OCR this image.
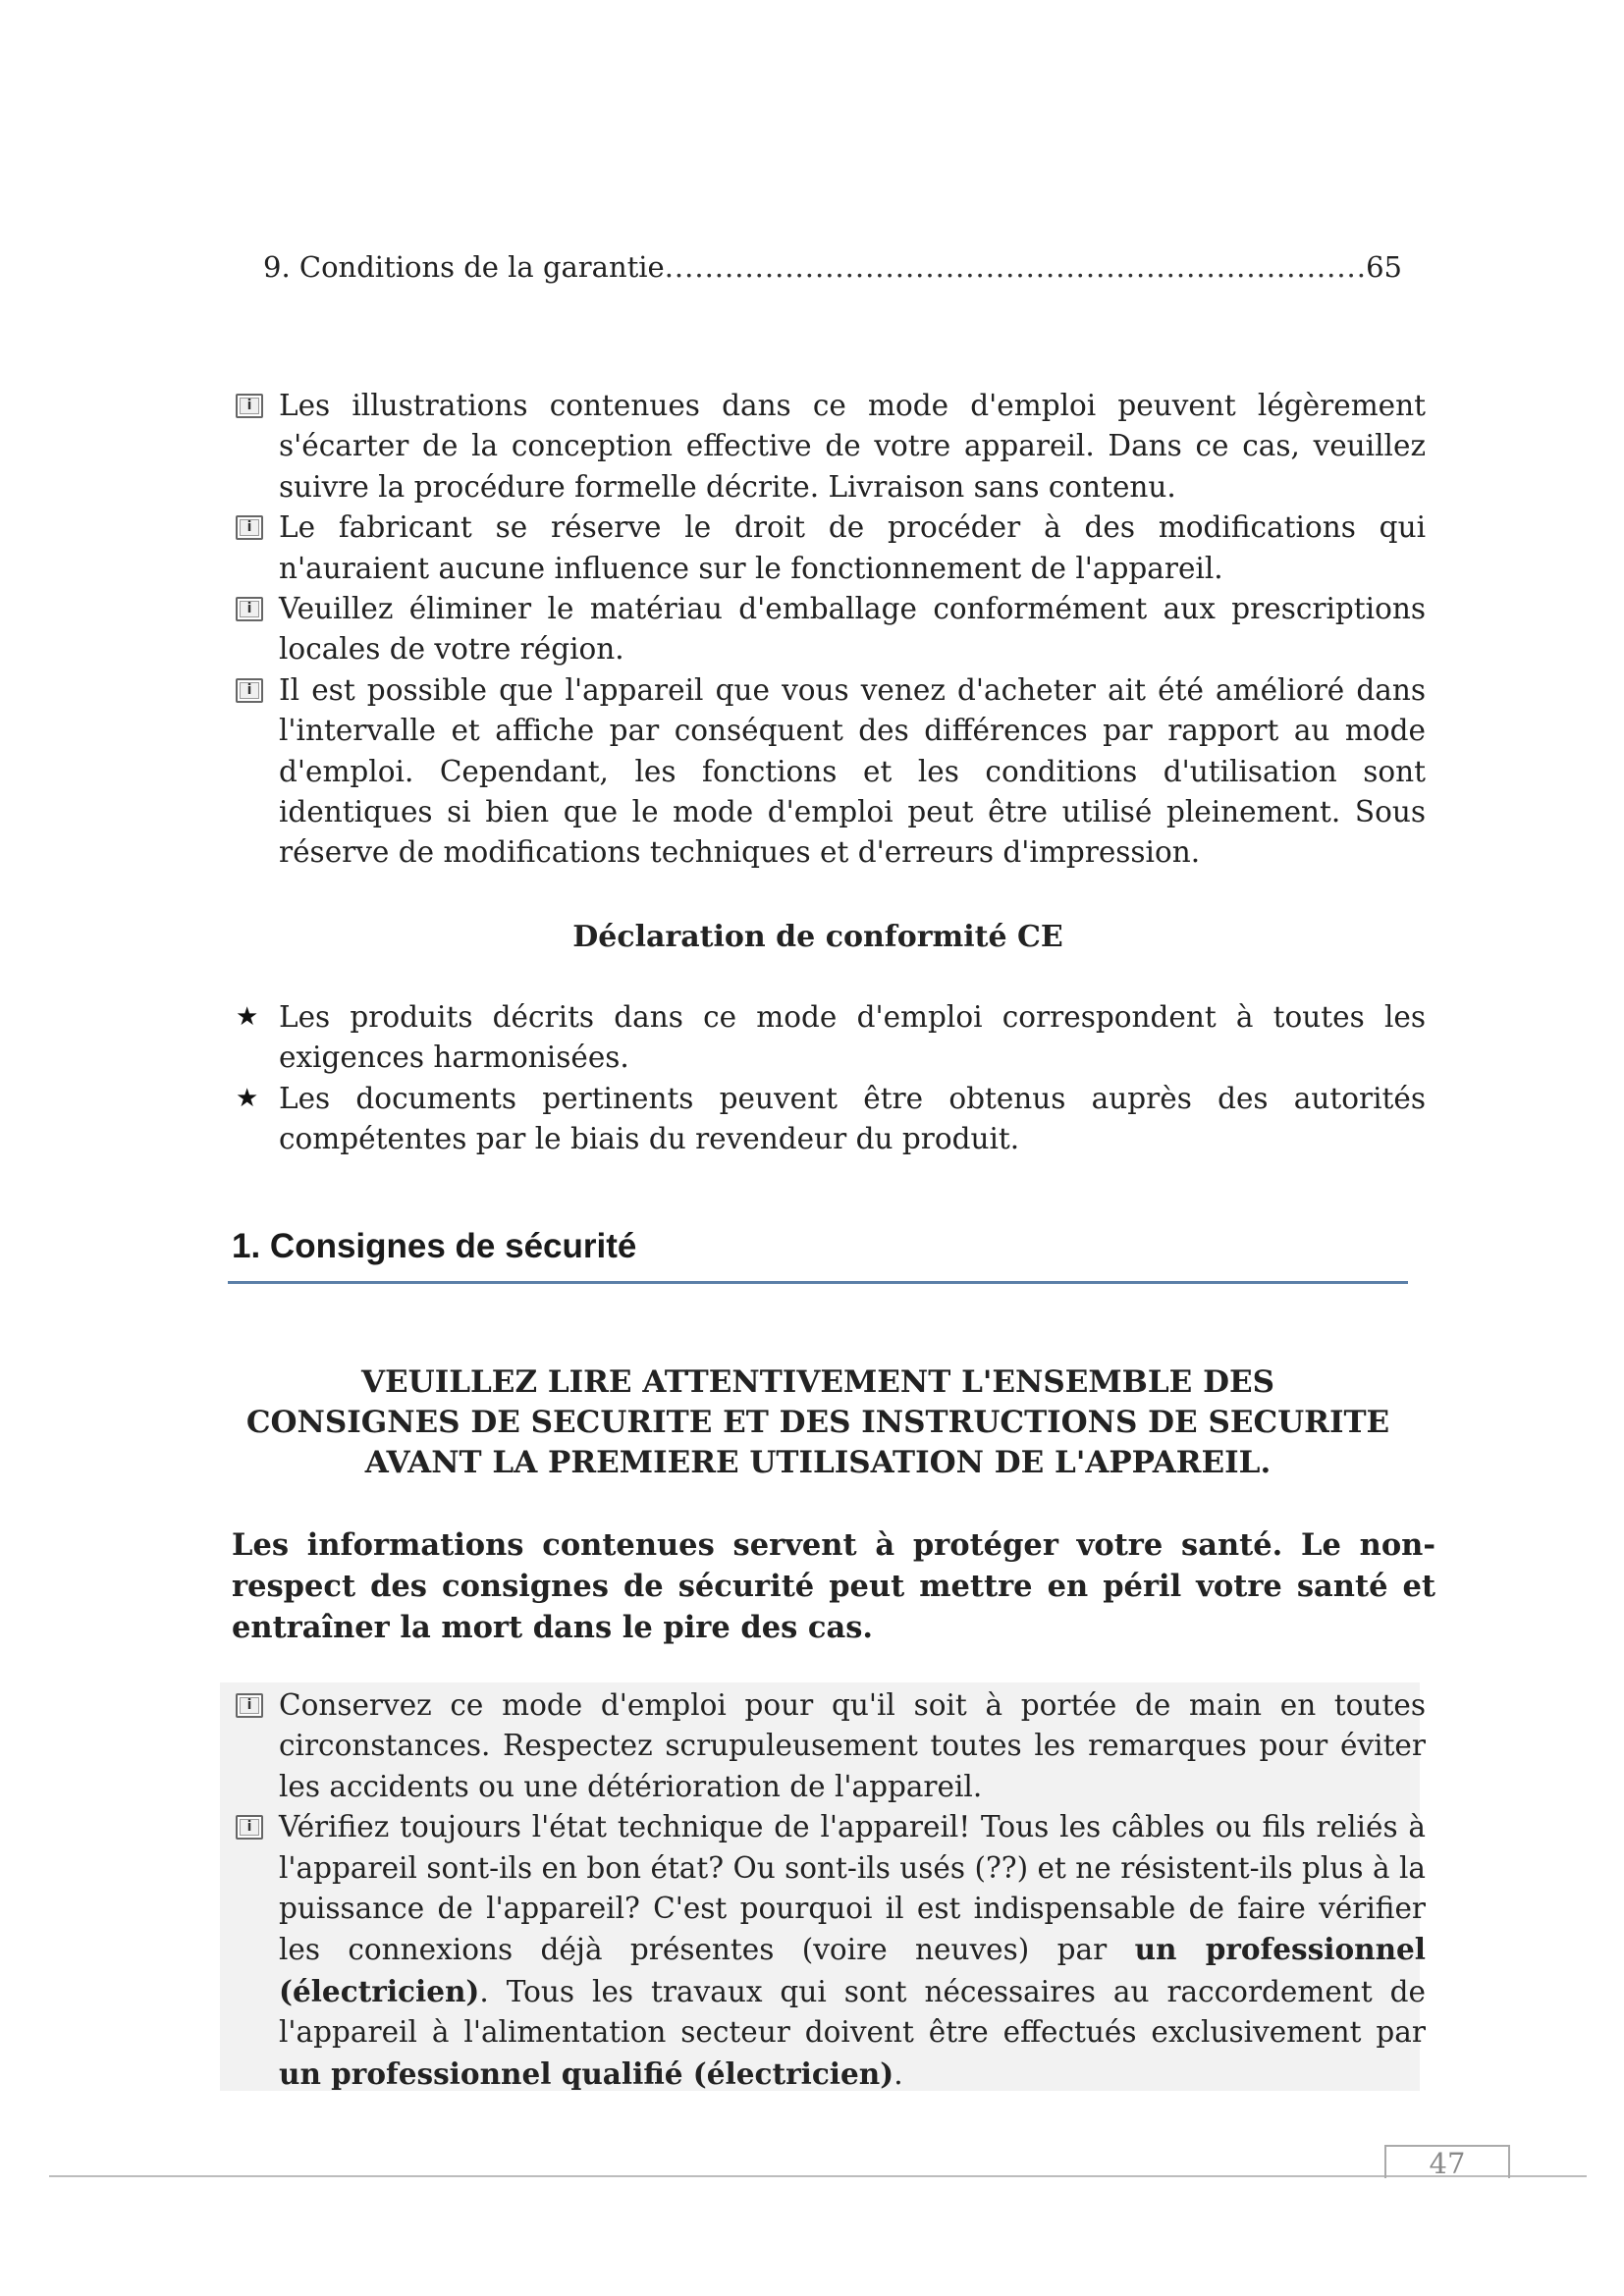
9. Conditions de la garantie
.....	65
i Les illustrations contenues dans ce mode d'emploi peuvent légèrement s'écarter de la conception effective de votre appareil. Dans ce cas, veuillez suivre la procédure formelle décrite. Livraison sans contenu.
i Le fabricant se réserve le droit de procéder à des modifications qui n'auraient aucune influence sur le fonctionnement de l'appareil.
i Veuillez éliminer le matériau d'emballage conformément aux prescriptions locales de votre région.
i Il est possible que l'appareil que vous venez d'acheter ait été amélioré dans l'intervalle et affiche par conséquent des différences par rapport au mode d'emploi. Cependant, les fonctions et les conditions d'utilisation sont identiques si bien que le mode d'emploi peut être utilisé pleinement. Sous réserve de modifications techniques et d'erreurs d'impression.
Déclaration de conformité CE
★ Les produits décrits dans ce mode d'emploi correspondent à toutes les exigences harmonisées.
★ Les documents pertinents peuvent être obtenus auprès des autorités compétentes par le biais du revendeur du produit.
1. Consignes de sécurité
VEUILLEZ LIRE ATTENTIVEMENT L'ENSEMBLE DES
CONSIGNES DE SECURITE ET DES INSTRUCTIONS DE SECURITE
AVANT LA PREMIERE UTILISATION DE L'APPAREIL.
Les informations contenues servent à protéger votre santé. Le non-respect des consignes de sécurité peut mettre en péril votre santé et entraîner la mort dans le pire des cas.
i Conservez ce mode d'emploi pour qu'il soit à portée de main en toutes circonstances. Respectez scrupuleusement toutes les remarques pour éviter les accidents ou une détérioration de l'appareil.
i Vérifiez toujours l'état technique de l'appareil! Tous les câbles ou fils reliés à l'appareil sont-ils en bon état? Ou sont-ils usés (??) et ne résistent-ils plus à la puissance de l'appareil? C'est pourquoi il est indispensable de faire vérifier les connexions déjà présentes (voire neuves) par un professionnel (électricien). Tous les travaux qui sont nécessaires au raccordement de l'appareil à l'alimentation secteur doivent être effectués exclusivement par un professionnel qualifié (électricien).
47
